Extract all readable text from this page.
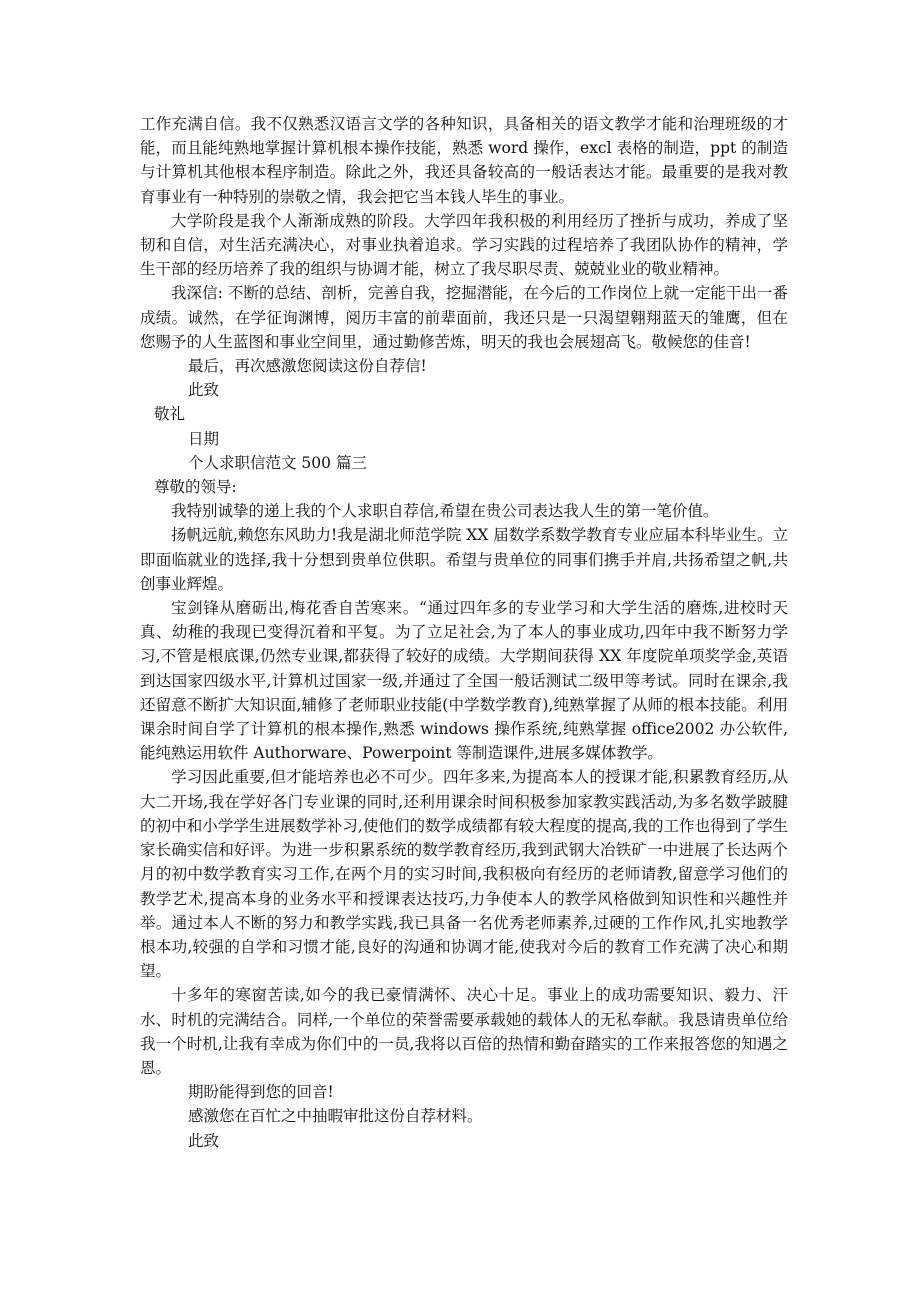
工作充满自信。我不仅熟悉汉语言文学的各种知识，具备相关的语文教学才能和治理班级的才能，而且能纯熟地掌握计算机根本操作技能，熟悉 word 操作，excl 表格的制造，ppt 的制造与计算机其他根本程序制造。除此之外，我还具备较高的一般话表达才能。最重要的是我对教育事业有一种特别的崇敬之情，我会把它当本钱人毕生的事业。

大学阶段是我个人渐渐成熟的阶段。大学四年我积极的利用经历了挫折与成功，养成了坚韧和自信，对生活充满决心，对事业执着追求。学习实践的过程培养了我团队协作的精神，学生干部的经历培养了我的组织与协调才能，树立了我尽职尽责、兢兢业业的敬业精神。

我深信: 不断的总结、剖析，完善自我，挖掘潜能，在今后的工作岗位上就一定能干出一番成绩。诚然，在学征询渊博，阅历丰富的前辈面前，我还只是一只渴望翱翔蓝天的雏鹰，但在您赐予的人生蓝图和事业空间里，通过勤修苦炼，明天的我也会展翅高飞。敬候您的佳音!

最后，再次感激您阅读这份自荐信!

此致

敬礼

日期

个人求职信范文 500 篇三

尊敬的领导:

我特别诚挚的递上我的个人求职自荐信,希望在贵公司表达我人生的第一笔价值。

扬帆远航,赖您东风助力!我是湖北师范学院 XX 届数学系数学教育专业应届本科毕业生。立即面临就业的选择,我十分想到贵单位供职。希望与贵单位的同事们携手并肩,共扬希望之帆,共创事业辉煌。

宝剑锋从磨砺出,梅花香自苦寒来。“通过四年多的专业学习和大学生活的磨炼,进校时天真、幼稚的我现已变得沉着和平复。为了立足社会,为了本人的事业成功,四年中我不断努力学习,不管是根底课,仍然专业课,都获得了较好的成绩。大学期间获得 XX 年度院单项奖学金,英语到达国家四级水平,计算机过国家一级,并通过了全国一般话测试二级甲等考试。同时在课余,我还留意不断扩大知识面,辅修了老师职业技能(中学数学教育),纯熟掌握了从师的根本技能。利用课余时间自学了计算机的根本操作,熟悉 windows 操作系统,纯熟掌握 office2002 办公软件,能纯熟运用软件 Authorware、Powerpoint 等制造课件,进展多媒体教学。

学习因此重要,但才能培养也必不可少。四年多来,为提高本人的授课才能,积累教育经历,从大二开场,我在学好各门专业课的同时,还利用课余时间积极参加家教实践活动,为多名数学跛腱的初中和小学学生进展数学补习,使他们的数学成绩都有较大程度的提高,我的工作也得到了学生家长确实信和好评。为进一步积累系统的数学教育经历,我到武钢大冶铁矿一中进展了长达两个月的初中数学教育实习工作,在两个月的实习时间,我积极向有经历的老师请教,留意学习他们的教学艺术,提高本身的业务水平和授课表达技巧,力争使本人的教学风格做到知识性和兴趣性并举。通过本人不断的努力和教学实践,我已具备一名优秀老师素养,过硬的工作作风,扎实地教学根本功,较强的自学和习惯才能,良好的沟通和协调才能,使我对今后的教育工作充满了决心和期望。

十多年的寒窗苦读,如今的我已豪情满怀、决心十足。事业上的成功需要知识、毅力、汗水、时机的完满结合。同样,一个单位的荣誉需要承载她的载体人的无私奉献。我恳请贵单位给我一个时机,让我有幸成为你们中的一员,我将以百倍的热情和勤奋踏实的工作来报答您的知遇之恩。

期盼能得到您的回音!

感激您在百忙之中抽暇审批这份自荐材料。

此致
